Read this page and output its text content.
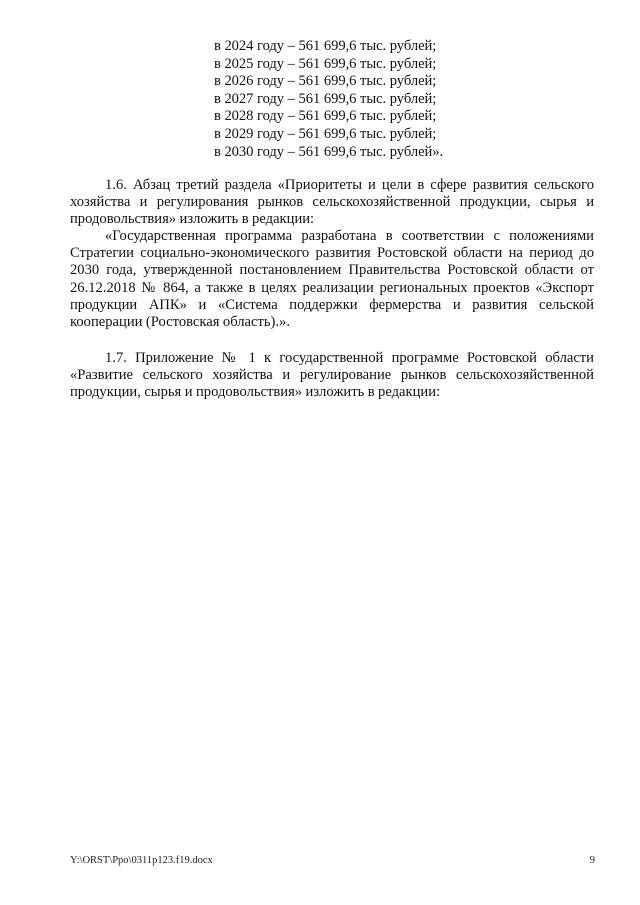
в 2024 году – 561 699,6 тыс. рублей;
в 2025 году – 561 699,6 тыс. рублей;
в 2026 году – 561 699,6 тыс. рублей;
в 2027 году – 561 699,6 тыс. рублей;
в 2028 году – 561 699,6 тыс. рублей;
в 2029 году – 561 699,6 тыс. рублей;
в 2030 году – 561 699,6 тыс. рублей».

1.6. Абзац третий раздела «Приоритеты и цели в сфере развития сельского хозяйства и регулирования рынков сельскохозяйственной продукции, сырья и продовольствия» изложить в редакции:

«Государственная программа разработана в соответствии с положениями Стратегии социально-экономического развития Ростовской области на период до 2030 года, утвержденной постановлением Правительства Ростовской области от 26.12.2018 № 864, а также в целях реализации региональных проектов «Экспорт продукции АПК» и «Система поддержки фермерства и развития сельской кооперации (Ростовская область).».

1.7. Приложение № 1 к государственной программе Ростовской области «Развитие сельского хозяйства и регулирование рынков сельскохозяйственной продукции, сырья и продовольствия» изложить в редакции:

Y:\ORST\Ppo\0311p123.f19.docx	9
